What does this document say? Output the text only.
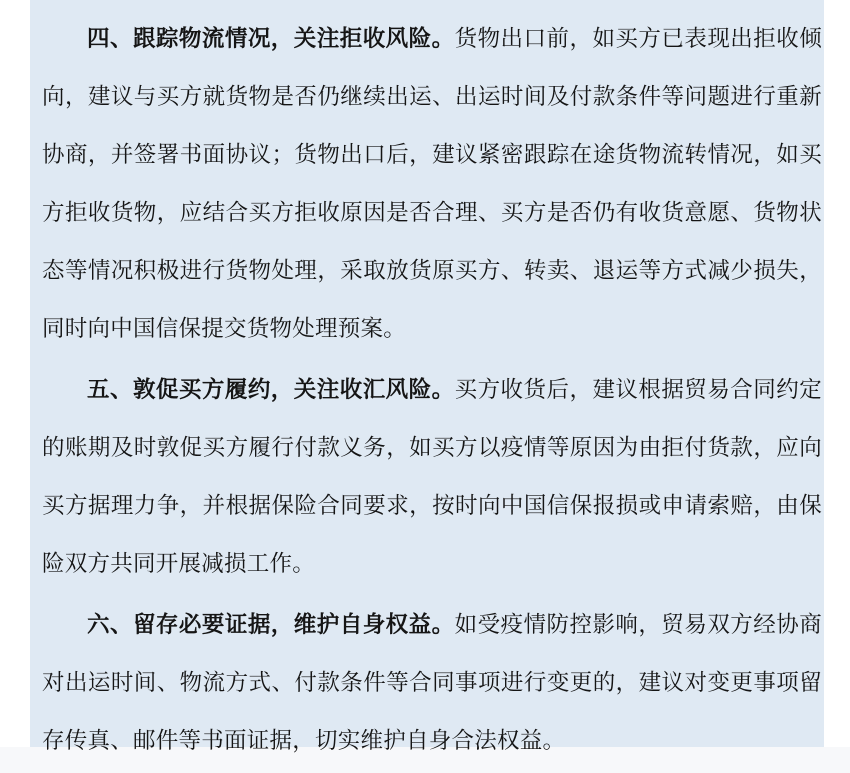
四、跟踪物流情况，关注拒收风险。货物出口前，如买方已表现出拒收倾向，建议与买方就货物是否仍继续出运、出运时间及付款条件等问题进行重新协商，并签署书面协议；货物出口后，建议紧密跟踪在途货物流转情况，如买方拒收货物，应结合买方拒收原因是否合理、买方是否仍有收货意愿、货物状态等情况积极进行货物处理，采取放货原买方、转卖、退运等方式减少损失，同时向中国信保提交货物处理预案。

五、敦促买方履约，关注收汇风险。买方收货后，建议根据贸易合同约定的账期及时敦促买方履行付款义务，如买方以疫情等原因为由拒付货款，应向买方据理力争，并根据保险合同要求，按时向中国信保报损或申请索赔，由保险双方共同开展减损工作。

六、留存必要证据，维护自身权益。如受疫情防控影响，贸易双方经协商对出运时间、物流方式、付款条件等合同事项进行变更的，建议对变更事项留存传真、邮件等书面证据，切实维护自身合法权益。
